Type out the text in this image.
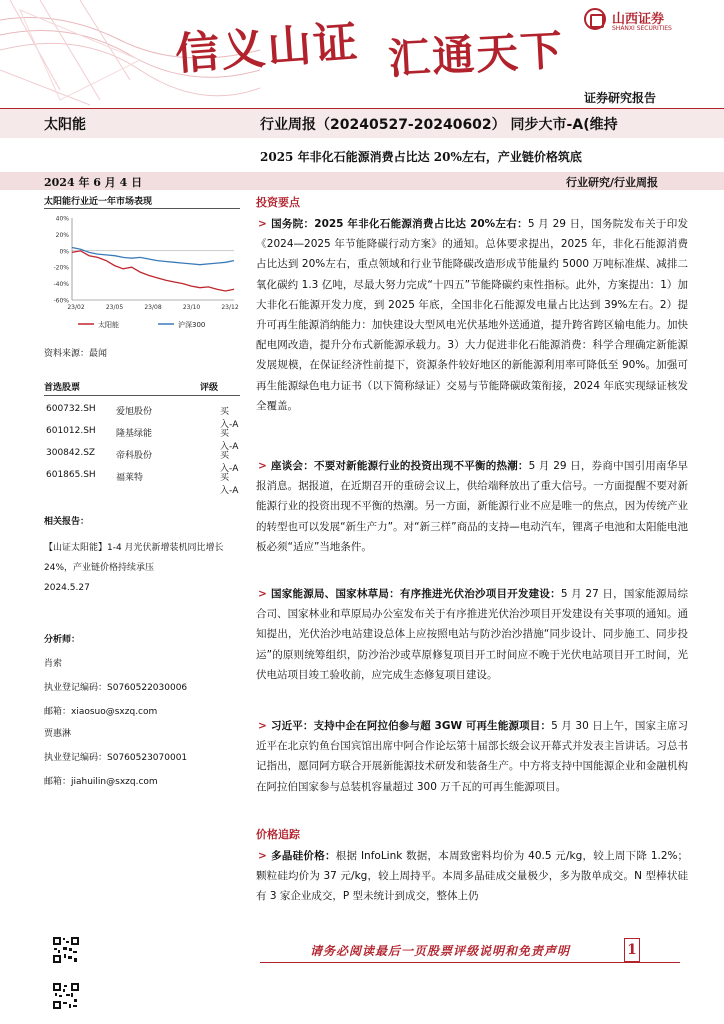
信义山证 汇通天下
山西证券
SHANXI SECURITIES
证券研究报告
太阳能	行业周报（20240527-20240602） 同步大市-A(维持
2025 年非化石能源消费占比达 20%左右，产业链价格筑底
2024 年 6 月 4 日	行业研究/行业周报
太阳能行业近一年市场表现
40%
20%
0%
-20%
-40%
-60%
23/02	23/05	23/08	23/10	23/12
太阳能	沪深300
资料来源：最闻
首选股票	评级
600732.SH 爱旭股份	买入-A
601012.SH 隆基绿能	买入-A
300842.SZ 帝科股份	买入-A
601865.SH 福莱特	买入-A
相关报告：
【山证太阳能】1-4 月光伏新增装机同比增长 24%，产业链价格持续承压
2024.5.27
分析师：
肖索
执业登记编码：S0760522030006
邮箱：xiaosuo@sxzq.com
贾惠淋
执业登记编码：S0760523070001
邮箱：jiahuilin@sxzq.com
投资要点
> 国务院：2025 年非化石能源消费占比达 20%左右：5 月 29 日，国务院发布关于印发《2024—2025 年节能降碳行动方案》的通知。总体要求提出，2025 年，非化石能源消费占比达到 20%左右，重点领域和行业节能降碳改造形成节能量约 5000 万吨标准煤、减排二氧化碳约 1.3 亿吨，尽最大努力完成“十四五”节能降碳约束性指标。此外，方案提出：1）加大非化石能源开发力度，到 2025 年底，全国非化石能源发电量占比达到 39%左右。2）提升可再生能源消纳能力：加快建设大型风电光伏基地外送通道，提升跨省跨区输电能力。加快配电网改造，提升分布式新能源承载力。3）大力促进非化石能源消费：科学合理确定新能源发展规模，在保证经济性前提下，资源条件较好地区的新能源利用率可降低至 90%。加强可再生能源绿色电力证书（以下简称绿证）交易与节能降碳政策衔接，2024 年底实现绿证核发全覆盖。
> 座谈会：不要对新能源行业的投资出现不平衡的热潮：5 月 29 日，券商中国引用南华早报消息。据报道，在近期召开的重磅会议上，供给端释放出了重大信号。一方面提醒不要对新能源行业的投资出现不平衡的热潮。另一方面，新能源行业不应是唯一的焦点，因为传统产业的转型也可以发展“新生产力”。对“新三样”商品的支持—电动汽车，锂离子电池和太阳能电池板必须“适应”当地条件。
> 国家能源局、国家林草局：有序推进光伏治沙项目开发建设：5 月 27 日，国家能源局综合司、国家林业和草原局办公室发布关于有序推进光伏治沙项目开发建设有关事项的通知。通知提出，光伏治沙电站建设总体上应按照电站与防沙治沙措施“同步设计、同步施工、同步投运”的原则统筹组织，防沙治沙或草原修复项目开工时间应不晚于光伏电站项目开工时间，光伏电站项目竣工验收前，应完成生态修复项目建设。
> 习近平：支持中企在阿拉伯参与超 3GW 可再生能源项目：5 月 30 日上午，国家主席习近平在北京钓鱼台国宾馆出席中阿合作论坛第十届部长级会议开幕式并发表主旨讲话。习总书记指出，愿同阿方联合开展新能源技术研发和装备生产。中方将支持中国能源企业和金融机构在阿拉伯国家参与总装机容量超过 300 万千瓦的可再生能源项目。
价格追踪
> 多晶硅价格：根据 InfoLink 数据，本周致密料均价为 40.5 元/kg，较上周下降 1.2%；颗粒硅均价为 37 元/kg，较上周持平。本周多晶硅成交量极少，多为散单成交。N 型棒状硅有 3 家企业成交，P 型未统计到成交，整体上仍
请务必阅读最后一页股票评级说明和免责声明	1
